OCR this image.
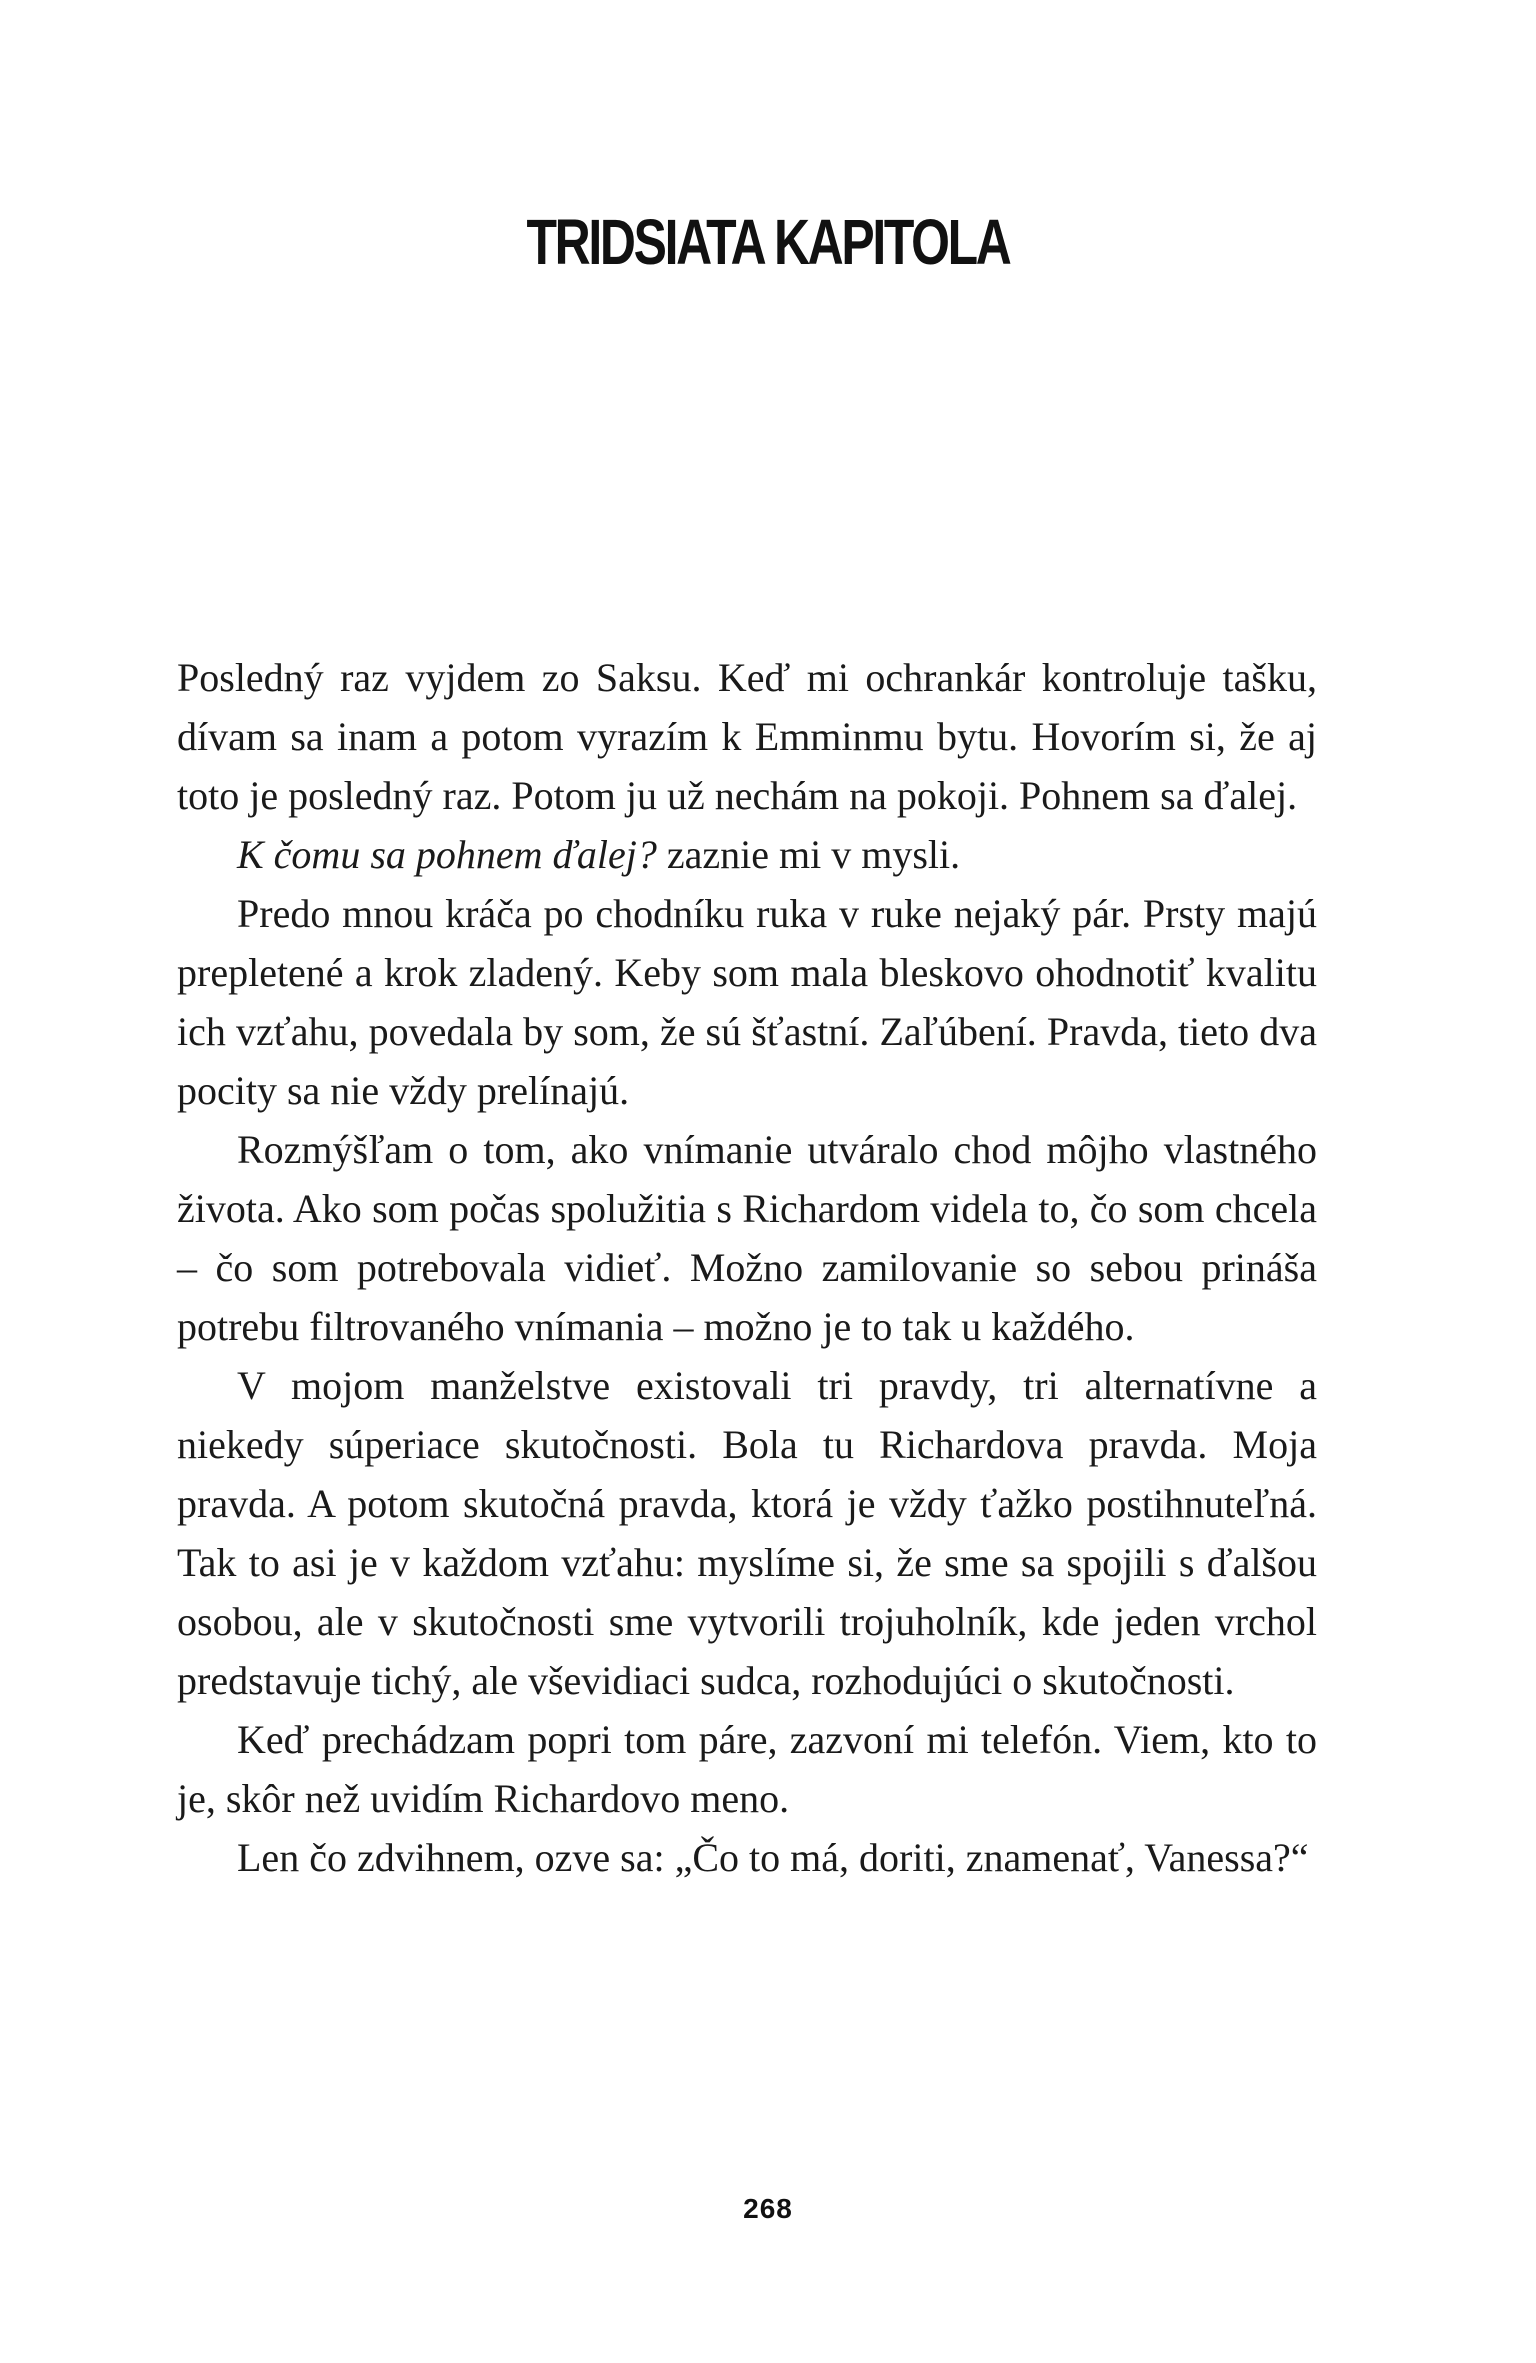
TRIDSIATA KAPITOLA

Posledný raz vyjdem zo Saksu. Keď mi ochrankár kontroluje tašku, dívam sa inam a potom vyrazím k Emminmu bytu. Hovorím si, že aj toto je posledný raz. Potom ju už nechám na pokoji. Pohnem sa ďalej.

K čomu sa pohnem ďalej? zaznie mi v mysli.

Predo mnou kráča po chodníku ruka v ruke nejaký pár. Prsty majú prepletené a krok zladený. Keby som mala bleskovo ohodnotiť kvalitu ich vzťahu, povedala by som, že sú šťastní. Zaľúbení. Pravda, tieto dva pocity sa nie vždy prelínajú.

Rozmýšľam o tom, ako vnímanie utváralo chod môjho vlastného života. Ako som počas spolužitia s Richardom videla to, čo som chcela – čo som potrebovala vidieť. Možno zamilovanie so sebou prináša potrebu filtrovaného vnímania – možno je to tak u každého.

V mojom manželstve existovali tri pravdy, tri alternatívne a niekedy súperiace skutočnosti. Bola tu Richardova pravda. Moja pravda. A potom skutočná pravda, ktorá je vždy ťažko postihnuteľná. Tak to asi je v každom vzťahu: myslíme si, že sme sa spojili s ďalšou osobou, ale v skutočnosti sme vytvorili trojuholník, kde jeden vrchol predstavuje tichý, ale vševidiaci sudca, rozhodujúci o skutočnosti.

Keď prechádzam popri tom páre, zazvoní mi telefón. Viem, kto to je, skôr než uvidím Richardovo meno.

Len čo zdvihnem, ozve sa: „Čo to má, doriti, znamenať, Vanessa?“

268
